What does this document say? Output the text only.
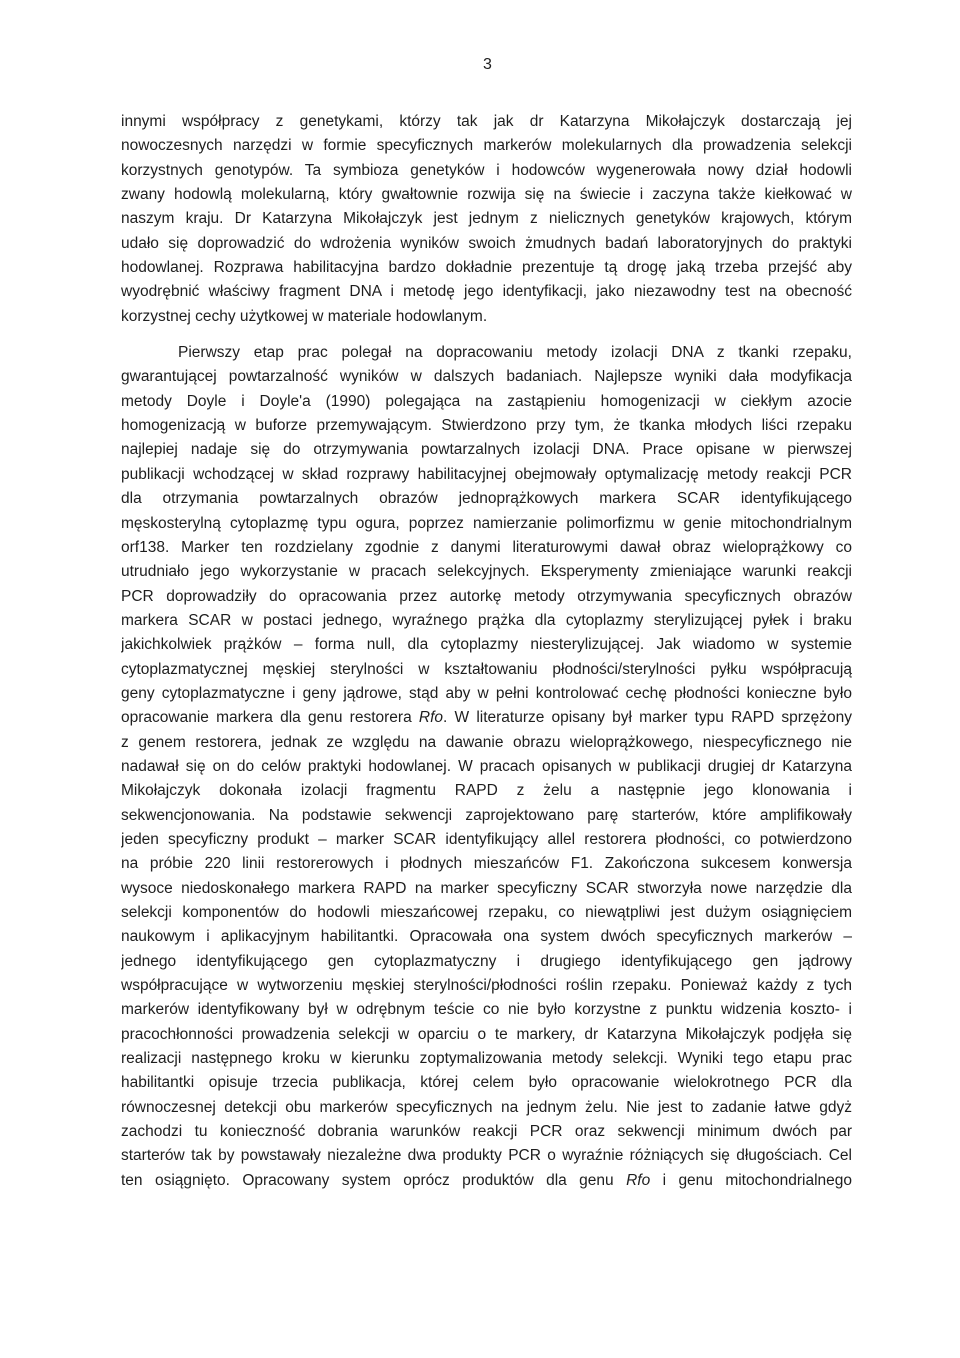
3

innymi współpracy z genetykami, którzy tak jak dr Katarzyna Mikołajczyk dostarczają jej
nowoczesnych narzędzi w formie specyficznych markerów molekularnych dla prowadzenia selekcji
korzystnych genotypów. Ta symbioza genetyków i hodowców wygenerowała nowy dział hodowli
zwany hodowlą molekularną, który gwałtownie rozwija się na świecie i zaczyna także kiełkować w
naszym kraju. Dr Katarzyna Mikołajczyk jest jednym z nielicznych genetyków krajowych, którym
udało się doprowadzić do wdrożenia wyników swoich żmudnych badań laboratoryjnych do praktyki
hodowlanej. Rozprawa habilitacyjna bardzo dokładnie prezentuje tą drogę jaką trzeba przejść aby
wyodrębnić właściwy fragment DNA i metodę jego identyfikacji, jako niezawodny test na obecność
korzystnej cechy użytkowej w materiale hodowlanym.

Pierwszy etap prac polegał na dopracowaniu metody izolacji DNA z tkanki rzepaku,
gwarantującej powtarzalność wyników w dalszych badaniach. Najlepsze wyniki dała modyfikacja
metody Doyle i Doyle'a (1990) polegająca na zastąpieniu homogenizacji w ciekłym azocie
homogenizacją w buforze przemywającym. Stwierdzono przy tym, że tkanka młodych liści rzepaku
najlepiej nadaje się do otrzymywania powtarzalnych izolacji DNA. Prace opisane w pierwszej
publikacji wchodzącej w skład rozprawy habilitacyjnej obejmowały optymalizację metody reakcji PCR
dla otrzymania powtarzalnych obrazów jednoprążkowych markera SCAR identyfikującego
męskosterylną cytoplazmę typu ogura, poprzez namierzanie polimorfizmu w genie mitochondrialnym
orf138. Marker ten rozdzielany zgodnie z danymi literaturowymi dawał obraz wieloprążkowy co
utrudniało jego wykorzystanie w pracach selekcyjnych. Eksperymenty zmieniające warunki reakcji
PCR doprowadziły do opracowania przez autorkę metody otrzymywania specyficznych obrazów
markera SCAR w postaci jednego, wyraźnego prążka dla cytoplazmy sterylizującej pyłek i braku
jakichkolwiek prążków – forma null, dla cytoplazmy niesterylizującej. Jak wiadomo w systemie
cytoplazmatycznej męskiej sterylności w kształtowaniu płodności/sterylności pyłku współpracują
geny cytoplazmatyczne i geny jądrowe, stąd aby w pełni kontrolować cechę płodności konieczne było
opracowanie markera dla genu restorera Rfo. W literaturze opisany był marker typu RAPD sprzężony
z genem restorera, jednak ze względu na dawanie obrazu wieloprążkowego, niespecyficznego nie
nadawał się on do celów praktyki hodowlanej. W pracach opisanych w publikacji drugiej dr Katarzyna
Mikołajczyk dokonała izolacji fragmentu RAPD z żelu a następnie jego klonowania i
sekwencjonowania. Na podstawie sekwencji zaprojektowano parę starterów, które amplifikowały
jeden specyficzny produkt – marker SCAR identyfikujący allel restorera płodności, co potwierdzono
na próbie 220 linii restorerowych i płodnych mieszańców F1. Zakończona sukcesem konwersja
wysoce niedoskonałego markera RAPD na marker specyficzny SCAR stworzyła nowe narzędzie dla
selekcji komponentów do hodowli mieszańcowej rzepaku, co niewątpliwi jest dużym osiągnięciem
naukowym i aplikacyjnym habilitantki. Opracowała ona system dwóch specyficznych markerów –
jednego identyfikującego gen cytoplazmatyczny i drugiego identyfikującego gen jądrowy
współpracujące w wytworzeniu męskiej sterylności/płodności roślin rzepaku. Ponieważ każdy z tych
markerów identyfikowany był w odrębnym teście co nie było korzystne z punktu widzenia koszto- i
pracochłonności prowadzenia selekcji w oparciu o te markery, dr Katarzyna Mikołajczyk podjęła się
realizacji następnego kroku w kierunku zoptymalizowania metody selekcji. Wyniki tego etapu prac
habilitantki opisuje trzecia publikacja, której celem było opracowanie wielokrotnego PCR dla
równoczesnej detekcji obu markerów specyficznych na jednym żelu. Nie jest to zadanie łatwe gdyż
zachodzi tu konieczność dobrania warunków reakcji PCR oraz sekwencji minimum dwóch par
starterów tak by powstawały niezależne dwa produkty PCR o wyraźnie różniących się długościach. Cel
ten osiągnięto. Opracowany system oprócz produktów dla genu Rfo i genu mitochondrialnego
